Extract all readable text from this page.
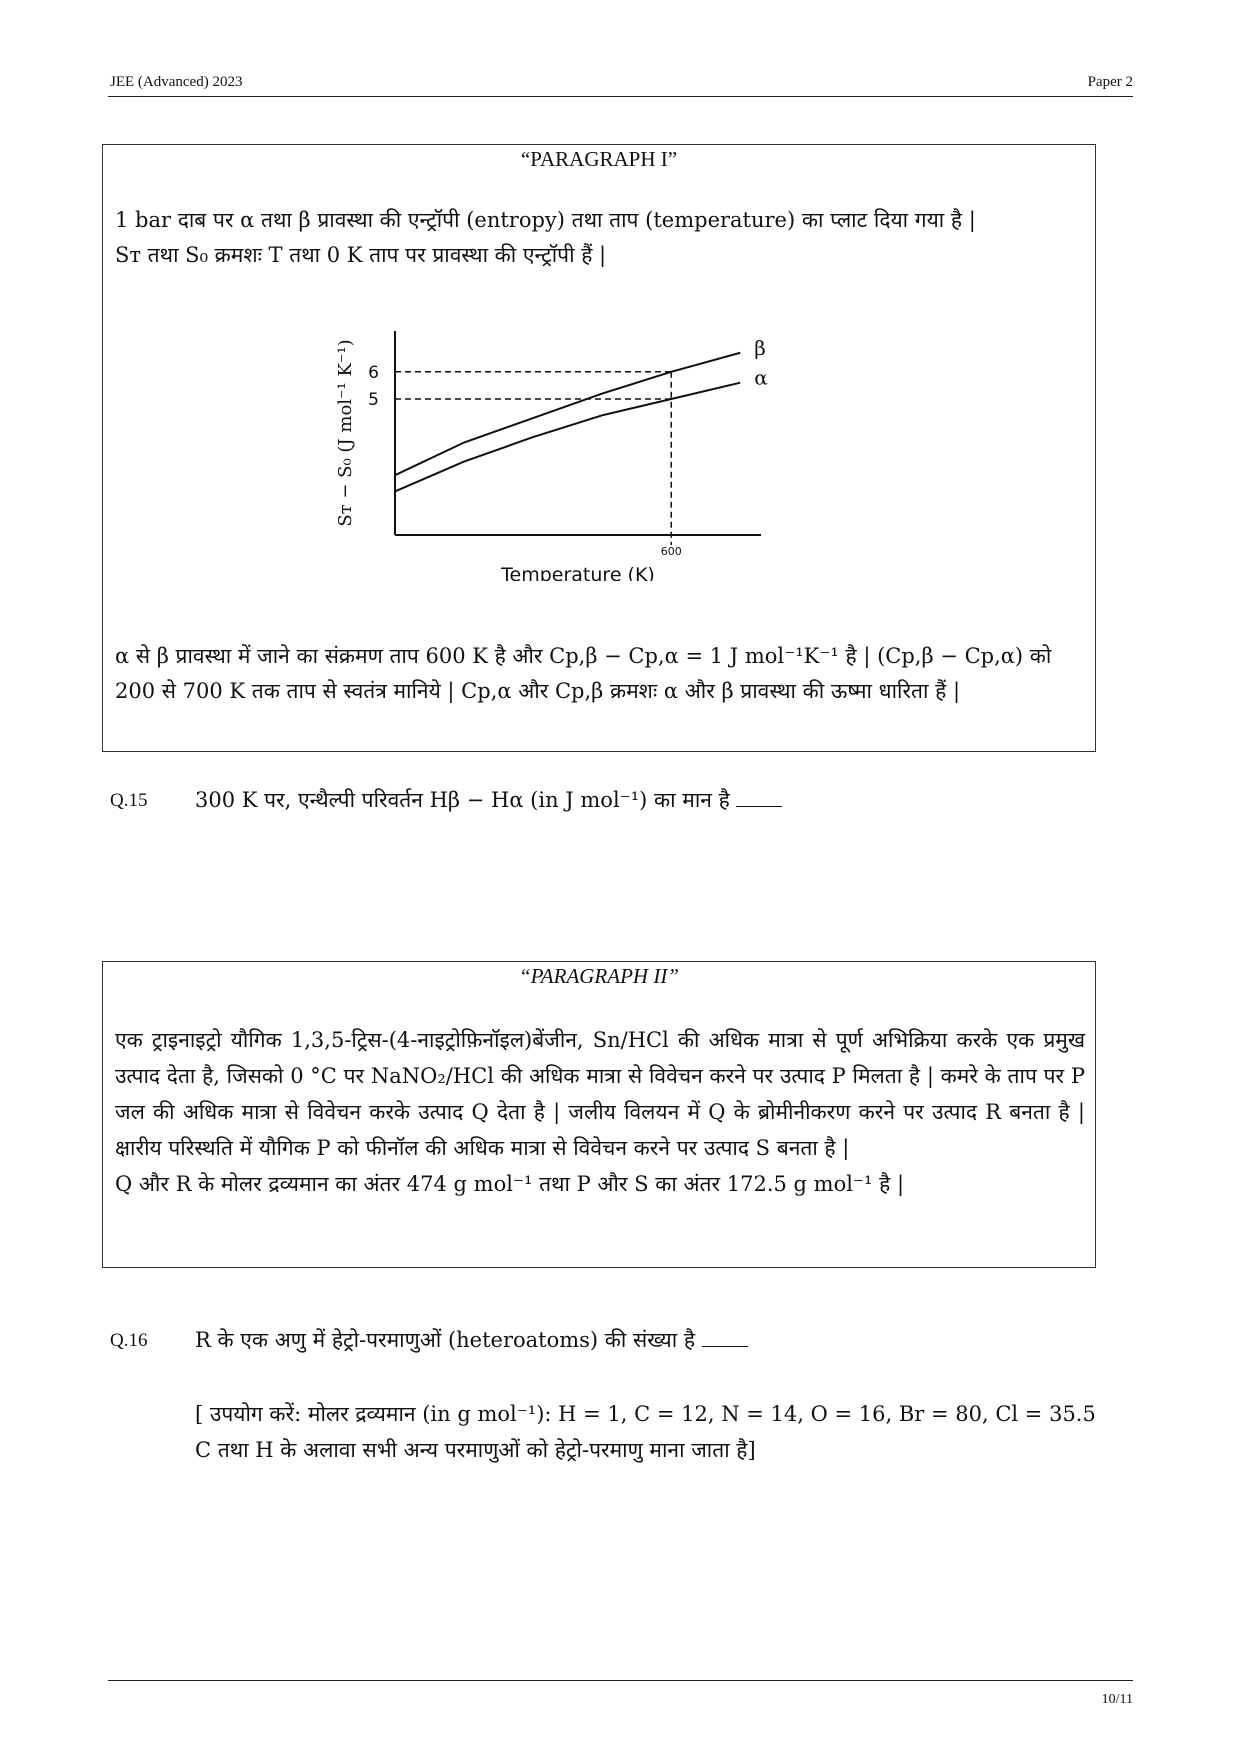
JEE (Advanced) 2023	Paper 2
“PARAGRAPH I”
1 bar दाब पर α तथा β प्रावस्था की एन्ट्रॉपी (entropy) तथा ताप (temperature) का प्लाट दिया गया है |
Sᴛ तथा S₀ क्रमशः T तथा 0 K ताप पर प्रावस्था की एन्ट्रॉपी हैं |
β
α
6
5
600
Temperature (K)
Sᴛ − S₀ (J mol⁻¹ K⁻¹)
α से β प्रावस्था में जाने का संक्रमण ताप 600 K है और Cp,β − Cp,α = 1 J mol⁻¹K⁻¹ है | (Cp,β − Cp,α) को
200 से 700 K तक ताप से स्वतंत्र मानिये | Cp,α और Cp,β क्रमशः α और β प्रावस्था की ऊष्मा धारिता हैं |
Q.15 300 K पर, एन्थैल्पी परिवर्तन Hβ − Hα (in J mol⁻¹) का मान है
“PARAGRAPH II”
एक ट्राइनाइट्रो यौगिक 1,3,5-ट्रिस-(4-नाइट्रोफ़िनॉइल)बेंजीन, Sn/HCl की अधिक मात्रा से पूर्ण अभिक्रिया करके एक प्रमुख उत्पाद देता है, जिसको 0 °C पर NaNO₂/HCl की अधिक मात्रा से विवेचन करने पर उत्पाद P मिलता है | कमरे के ताप पर P जल की अधिक मात्रा से विवेचन करके उत्पाद Q देता है | जलीय विलयन में Q के ब्रोमीनीकरण करने पर उत्पाद R बनता है | क्षारीय परिस्थति में यौगिक P को फीनॉल की अधिक मात्रा से विवेचन करने पर उत्पाद S बनता है |
Q और R के मोलर द्रव्यमान का अंतर 474 g mol⁻¹ तथा P और S का अंतर 172.5 g mol⁻¹ है |
Q.16 R के एक अणु में हेट्रो-परमाणुओं (heteroatoms) की संख्या है
[ उपयोग करें: मोलर द्रव्यमान (in g mol⁻¹): H = 1, C = 12, N = 14, O = 16, Br = 80, Cl = 35.5
C तथा H के अलावा सभी अन्य परमाणुओं को हेट्रो-परमाणु माना जाता है]
10/11
